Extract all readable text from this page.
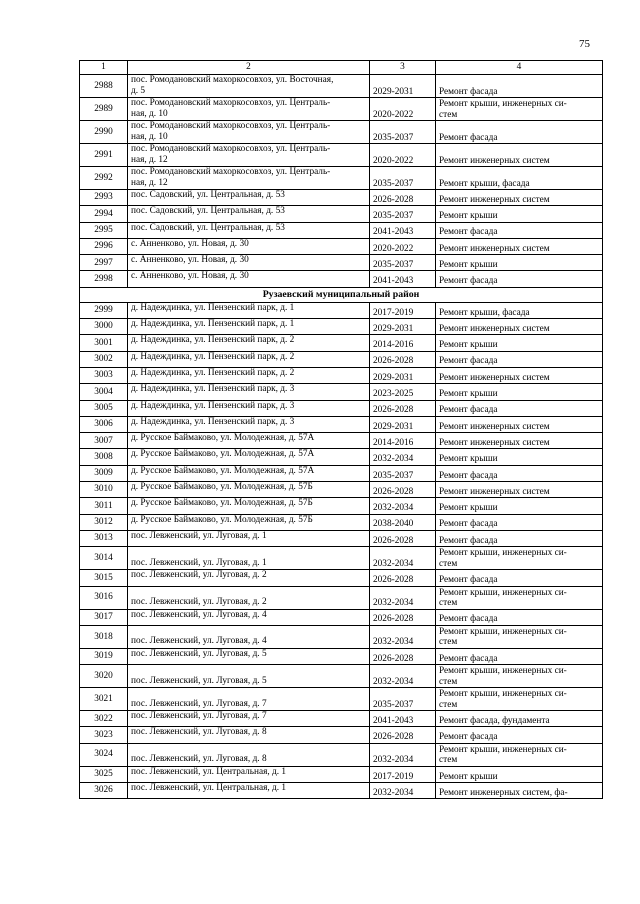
75
1	2	3	4
2988	пос. Ромодановский махоркосовхоз, ул. Восточная,
д. 5	2029-2031	Ремонт фасада
2989	пос. Ромодановский махоркосовхоз, ул. Централь-
ная, д. 10	2020-2022	Ремонт крыши, инженерных си-
стем
2990	пос. Ромодановский махоркосовхоз, ул. Централь-
ная, д. 10	2035-2037	Ремонт фасада
2991	пос. Ромодановский махоркосовхоз, ул. Централь-
ная, д. 12	2020-2022	Ремонт инженерных систем
2992	пос. Ромодановский махоркосовхоз, ул. Централь-
ная, д. 12	2035-2037	Ремонт крыши, фасада
2993	пос. Садовский, ул. Центральная, д. 53	2026-2028	Ремонт инженерных систем
2994	пос. Садовский, ул. Центральная, д. 53	2035-2037	Ремонт крыши
2995	пос. Садовский, ул. Центральная, д. 53	2041-2043	Ремонт фасада
2996	с. Анненково, ул. Новая, д. 30	2020-2022	Ремонт инженерных систем
2997	с. Анненково, ул. Новая, д. 30	2035-2037	Ремонт крыши
2998	с. Анненково, ул. Новая, д. 30	2041-2043	Ремонт фасада
Рузаевский муниципальный район			
2999	д. Надеждинка, ул. Пензенский парк, д. 1	2017-2019	Ремонт крыши, фасада
3000	д. Надеждинка, ул. Пензенский парк, д. 1	2029-2031	Ремонт инженерных систем
3001	д. Надеждинка, ул. Пензенский парк, д. 2	2014-2016	Ремонт крыши
3002	д. Надеждинка, ул. Пензенский парк, д. 2	2026-2028	Ремонт фасада
3003	д. Надеждинка, ул. Пензенский парк, д. 2	2029-2031	Ремонт инженерных систем
3004	д. Надеждинка, ул. Пензенский парк, д. 3	2023-2025	Ремонт крыши
3005	д. Надеждинка, ул. Пензенский парк, д. 3	2026-2028	Ремонт фасада
3006	д. Надеждинка, ул. Пензенский парк, д. 3	2029-2031	Ремонт инженерных систем
3007	д. Русское Баймаково, ул. Молодежная, д. 57А	2014-2016	Ремонт инженерных систем
3008	д. Русское Баймаково, ул. Молодежная, д. 57А	2032-2034	Ремонт крыши
3009	д. Русское Баймаково, ул. Молодежная, д. 57А	2035-2037	Ремонт фасада
3010	д. Русское Баймаково, ул. Молодежная, д. 57Б	2026-2028	Ремонт инженерных систем
3011	д. Русское Баймаково, ул. Молодежная, д. 57Б	2032-2034	Ремонт крыши
3012	д. Русское Баймаково, ул. Молодежная, д. 57Б	2038-2040	Ремонт фасада
3013	пос. Левженский, ул. Луговая, д. 1	2026-2028	Ремонт фасада
3014	
пос. Левженский, ул. Луговая, д. 1	2032-2034	Ремонт крыши, инженерных си-
стем
3015	пос. Левженский, ул. Луговая, д. 2	2026-2028	Ремонт фасада
3016	
пос. Левженский, ул. Луговая, д. 2	2032-2034	Ремонт крыши, инженерных си-
стем
3017	пос. Левженский, ул. Луговая, д. 4	2026-2028	Ремонт фасада
3018	
пос. Левженский, ул. Луговая, д. 4	2032-2034	Ремонт крыши, инженерных си-
стем
3019	пос. Левженский, ул. Луговая, д. 5	2026-2028	Ремонт фасада
3020	
пос. Левженский, ул. Луговая, д. 5	2032-2034	Ремонт крыши, инженерных си-
стем
3021	
пос. Левженский, ул. Луговая, д. 7	2035-2037	Ремонт крыши, инженерных си-
стем
3022	пос. Левженский, ул. Луговая, д. 7	2041-2043	Ремонт фасада, фундамента
3023	пос. Левженский, ул. Луговая, д. 8	2026-2028	Ремонт фасада
3024	
пос. Левженский, ул. Луговая, д. 8	2032-2034	Ремонт крыши, инженерных си-
стем
3025	пос. Левженский, ул. Центральная, д. 1	2017-2019	Ремонт крыши
3026	пос. Левженский, ул. Центральная, д. 1	2032-2034	Ремонт инженерных систем, фа-
